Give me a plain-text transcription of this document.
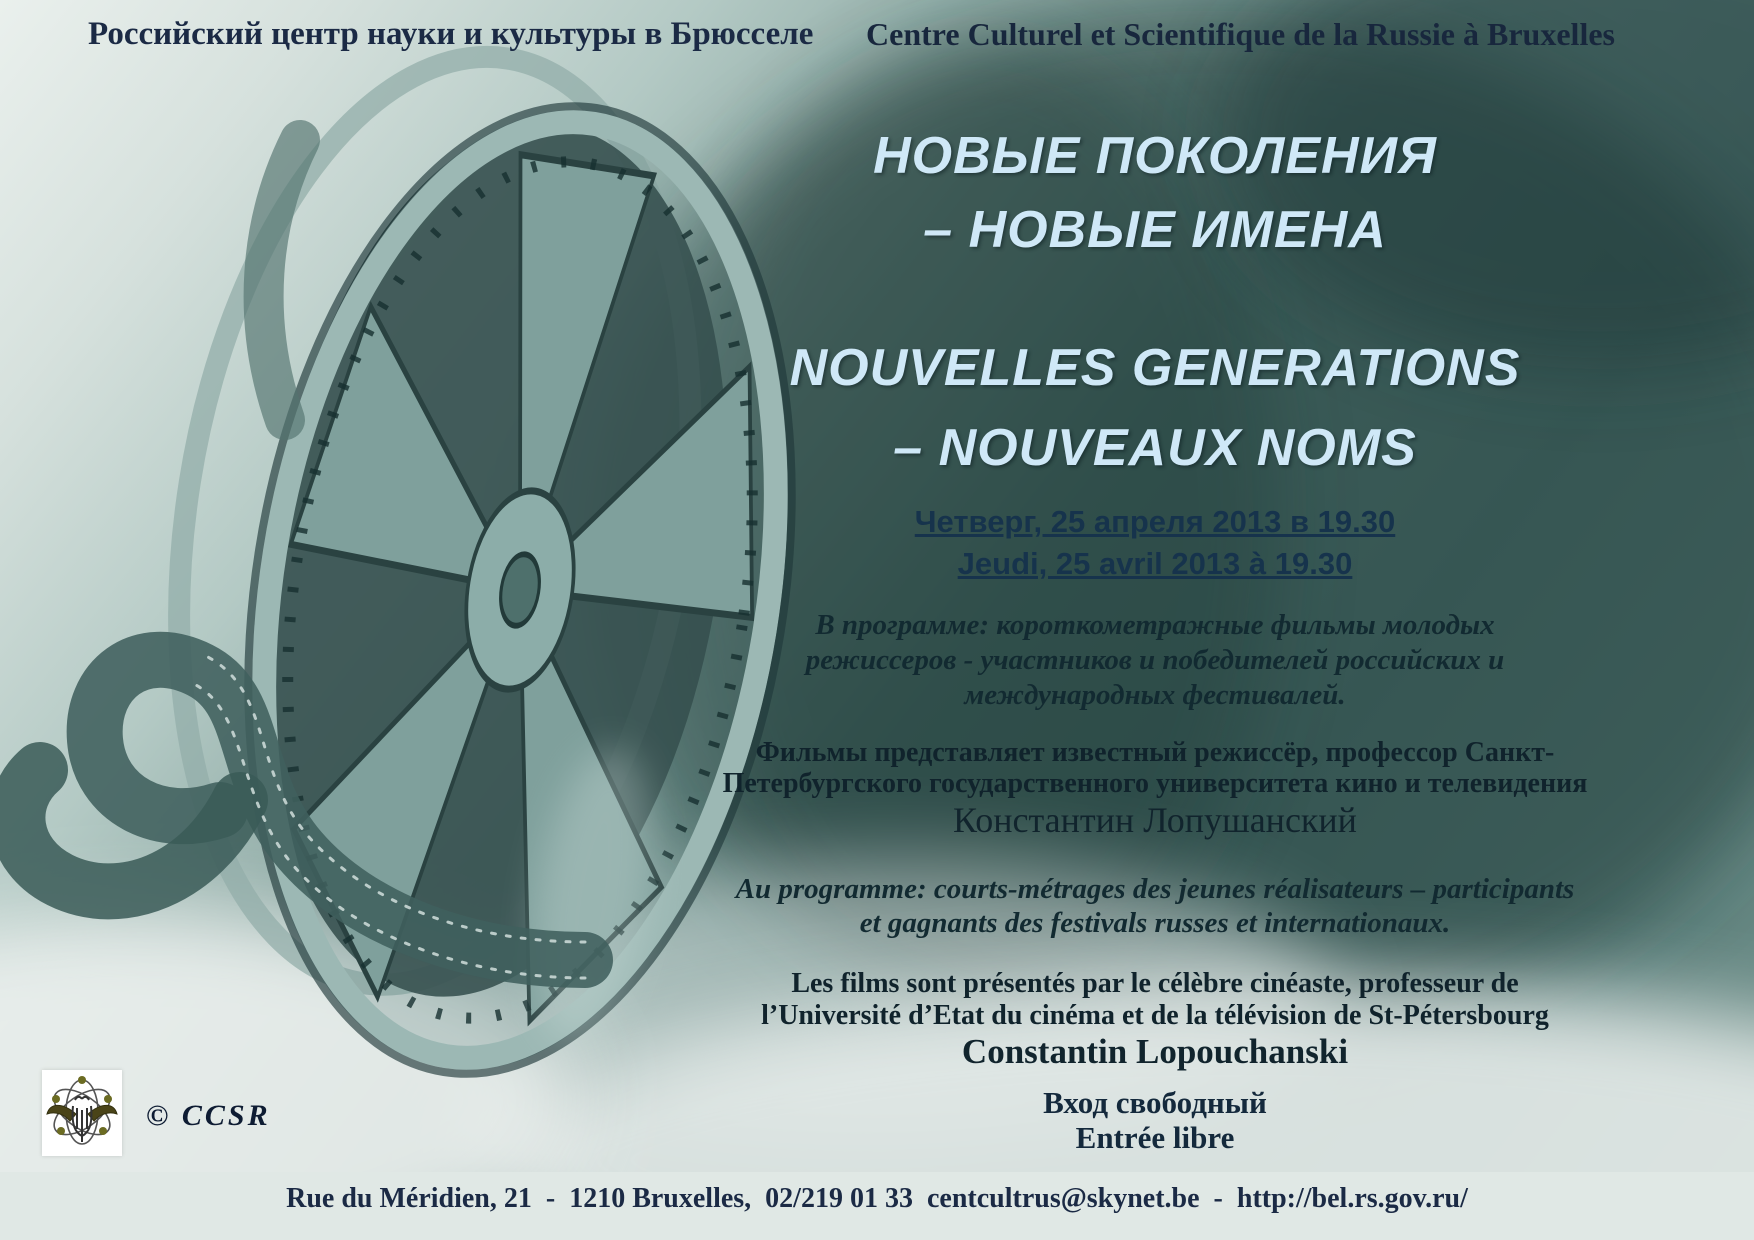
Российский центр науки и культуры в Брюсселе Centre Culturel et Scientifique de la Russie à Bruxelles
НОВЫЕ ПОКОЛЕНИЯ
– НОВЫЕ ИМЕНА
NOUVELLES GENERATIONS
– NOUVEAUX NOMS
Четверг, 25 апреля 2013 в 19.30
Jeudi, 25 avril 2013 à 19.30
В программе: короткометражные фильмы молодых
режиссеров - участников и победителей российских и
международных фестивалей.
Фильмы представляет известный режиссёр, профессор Санкт-
Петербургского государственного университета кино и телевидения
Константин Лопушанский
Au programme: courts-métrages des jeunes réalisateurs – participants
et gagnants des festivals russes et internationaux.
Les films sont présentés par le célèbre cinéaste, professeur de
l’Université d’Etat du cinéma et de la télévision de St-Pétersbourg
Constantin Lopouchanski
Вход свободный
Entrée libre
© CCSR
Rue du Méridien, 21  -  1210 Bruxelles,  02/219 01 33  centcultrus@skynet.be  -  http://bel.rs.gov.ru/
